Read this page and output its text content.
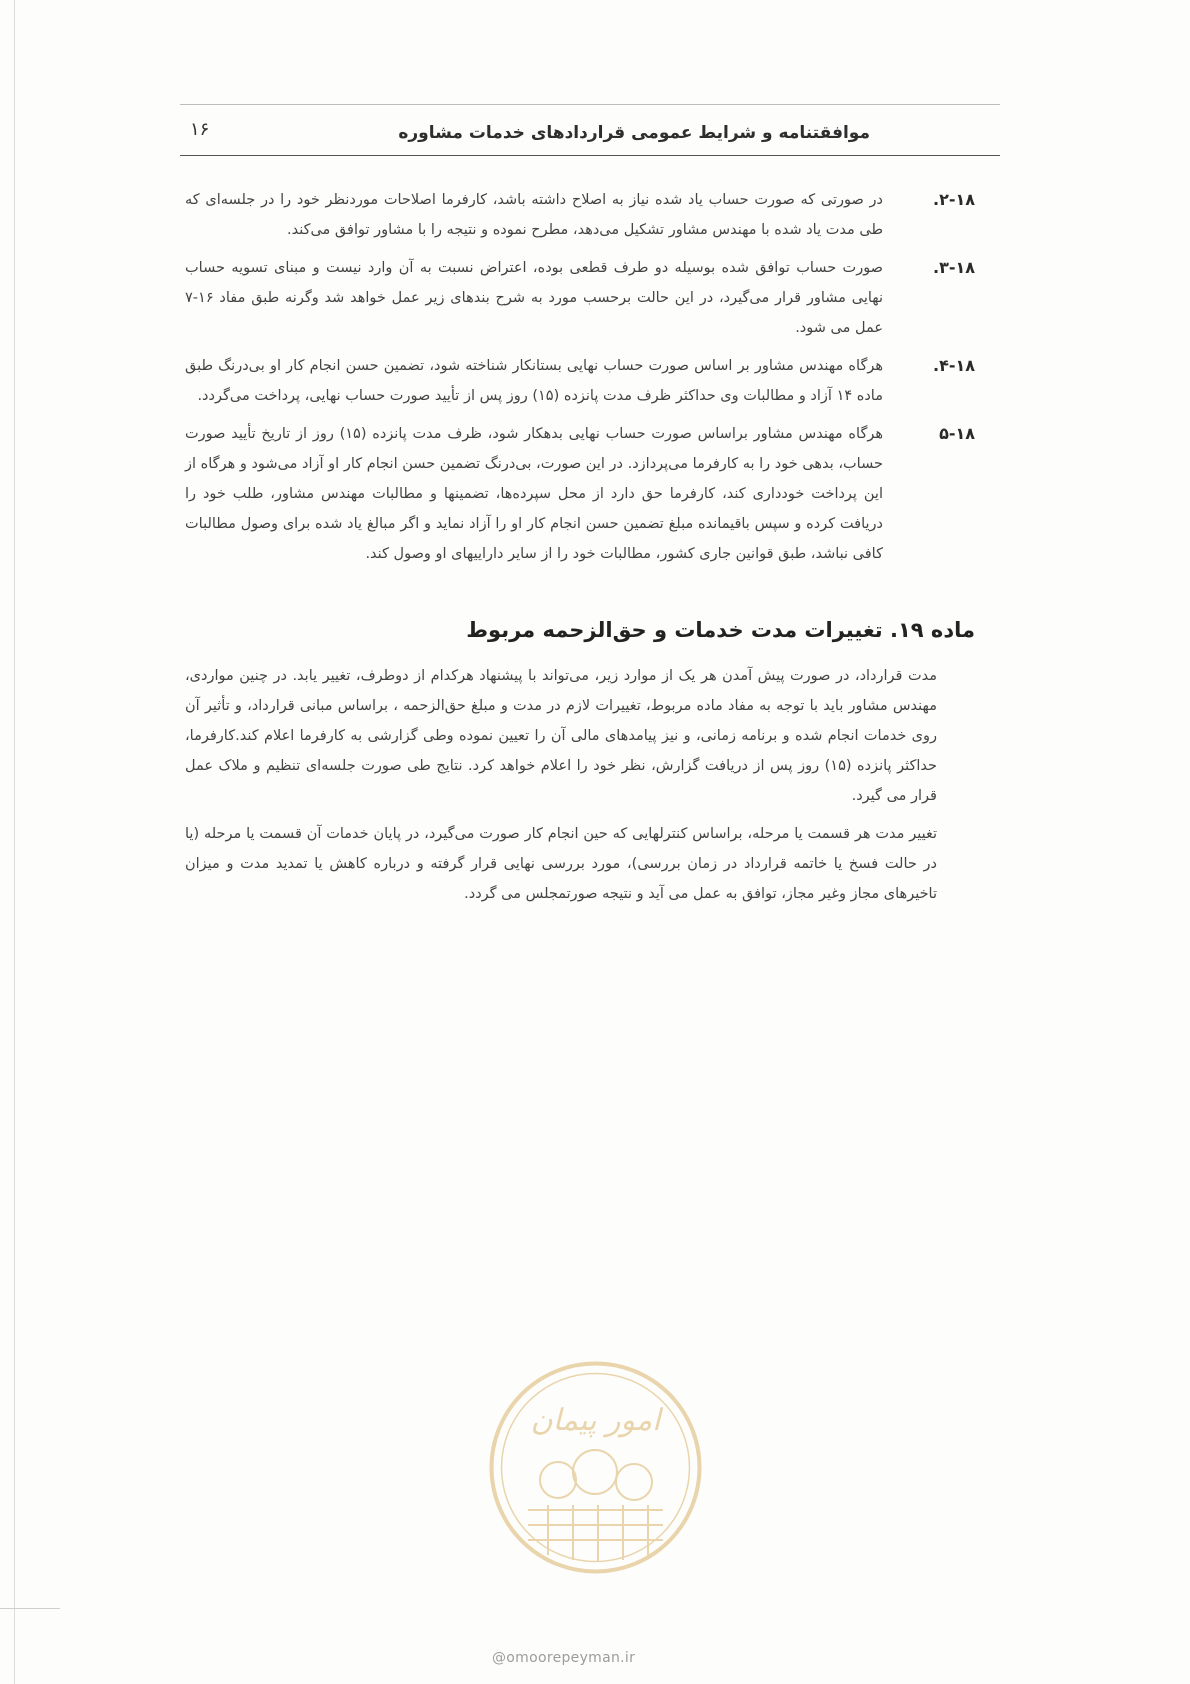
موافقتنامه و شرایط عمومی قراردادهای خدمات مشاوره
۱۶
۲-۱۸.
در صورتی که صورت حساب یاد شده نیاز به اصلاح داشته باشد، کارفرما اصلاحات موردنظر خود را در جلسه‌ای که طی مدت یاد شده با مهندس مشاور تشکیل می‌دهد، مطرح نموده و نتیجه را با مشاور توافق می‌کند.
۳-۱۸.
صورت حساب توافق شده بوسیله دو طرف قطعی بوده، اعتراض نسبت به آن وارد نیست و مبنای تسویه حساب نهایی مشاور قرار می‌گیرد، در این حالت برحسب مورد به شرح بندهای زیر عمل خواهد شد وگرنه طبق مفاد ۱۶-۷ عمل می شود.
۴-۱۸.
هرگاه مهندس مشاور بر اساس صورت حساب نهایی بستانکار شناخته شود، تضمین حسن انجام کار او بی‌درنگ طبق ماده ۱۴ آزاد و مطالبات وی حداکثر ظرف مدت پانزده (۱۵) روز پس از تأیید صورت حساب نهایی، پرداخت می‌گردد.
۵-۱۸
هرگاه مهندس مشاور براساس صورت حساب نهایی بدهکار شود، ظرف مدت پانزده (۱۵) روز از تاریخ تأیید صورت حساب، بدهی خود را به کارفرما می‌پردازد. در این صورت، بی‌درنگ تضمین حسن انجام کار او آزاد می‌شود و هرگاه از این پرداخت خودداری کند، کارفرما حق دارد از محل سپرده‌ها، تضمینها و مطالبات مهندس مشاور، طلب خود را دریافت کرده و سپس باقیمانده مبلغ تضمین حسن انجام کار او را آزاد نماید و اگر مبالغ یاد شده برای وصول مطالبات کافی نباشد، طبق قوانین جاری کشور، مطالبات خود را از سایر داراییهای او وصول کند.
ماده ۱۹. تغییرات مدت خدمات و حق‌الزحمه مربوط
مدت قرارداد، در صورت پیش آمدن هر یک از موارد زیر، می‌تواند با پیشنهاد هرکدام از دوطرف، تغییر یابد. در چنین مواردی، مهندس مشاور باید با توجه به مفاد ماده مربوط، تغییرات لازم در مدت و مبلغ حق‌الزحمه ، براساس مبانی قرارداد، و تأثیر آن روی خدمات انجام شده و برنامه زمانی، و نیز پیامدهای مالی آن را تعیین نموده وطی گزارشی به کارفرما اعلام کند.کارفرما، حداکثر پانزده (۱۵) روز پس از دریافت گزارش، نظر خود را اعلام خواهد کرد. نتایج طی صورت جلسه‌ای تنظیم و ملاک عمل قرار می گیرد.
تغییر مدت هر قسمت یا مرحله، براساس کنترلهایی که حین انجام کار صورت می‌گیرد، در پایان خدمات آن قسمت یا مرحله (یا در حالت فسخ یا خاتمه قرارداد در زمان بررسی)، مورد بررسی نهایی قرار گرفته و درباره کاهش یا تمدید مدت و میزان تاخیرهای مجاز وغیر مجاز، توافق به عمل می آید و نتیجه صورتمجلس می گردد.
امور پیمان
@omoorepeyman.ir
